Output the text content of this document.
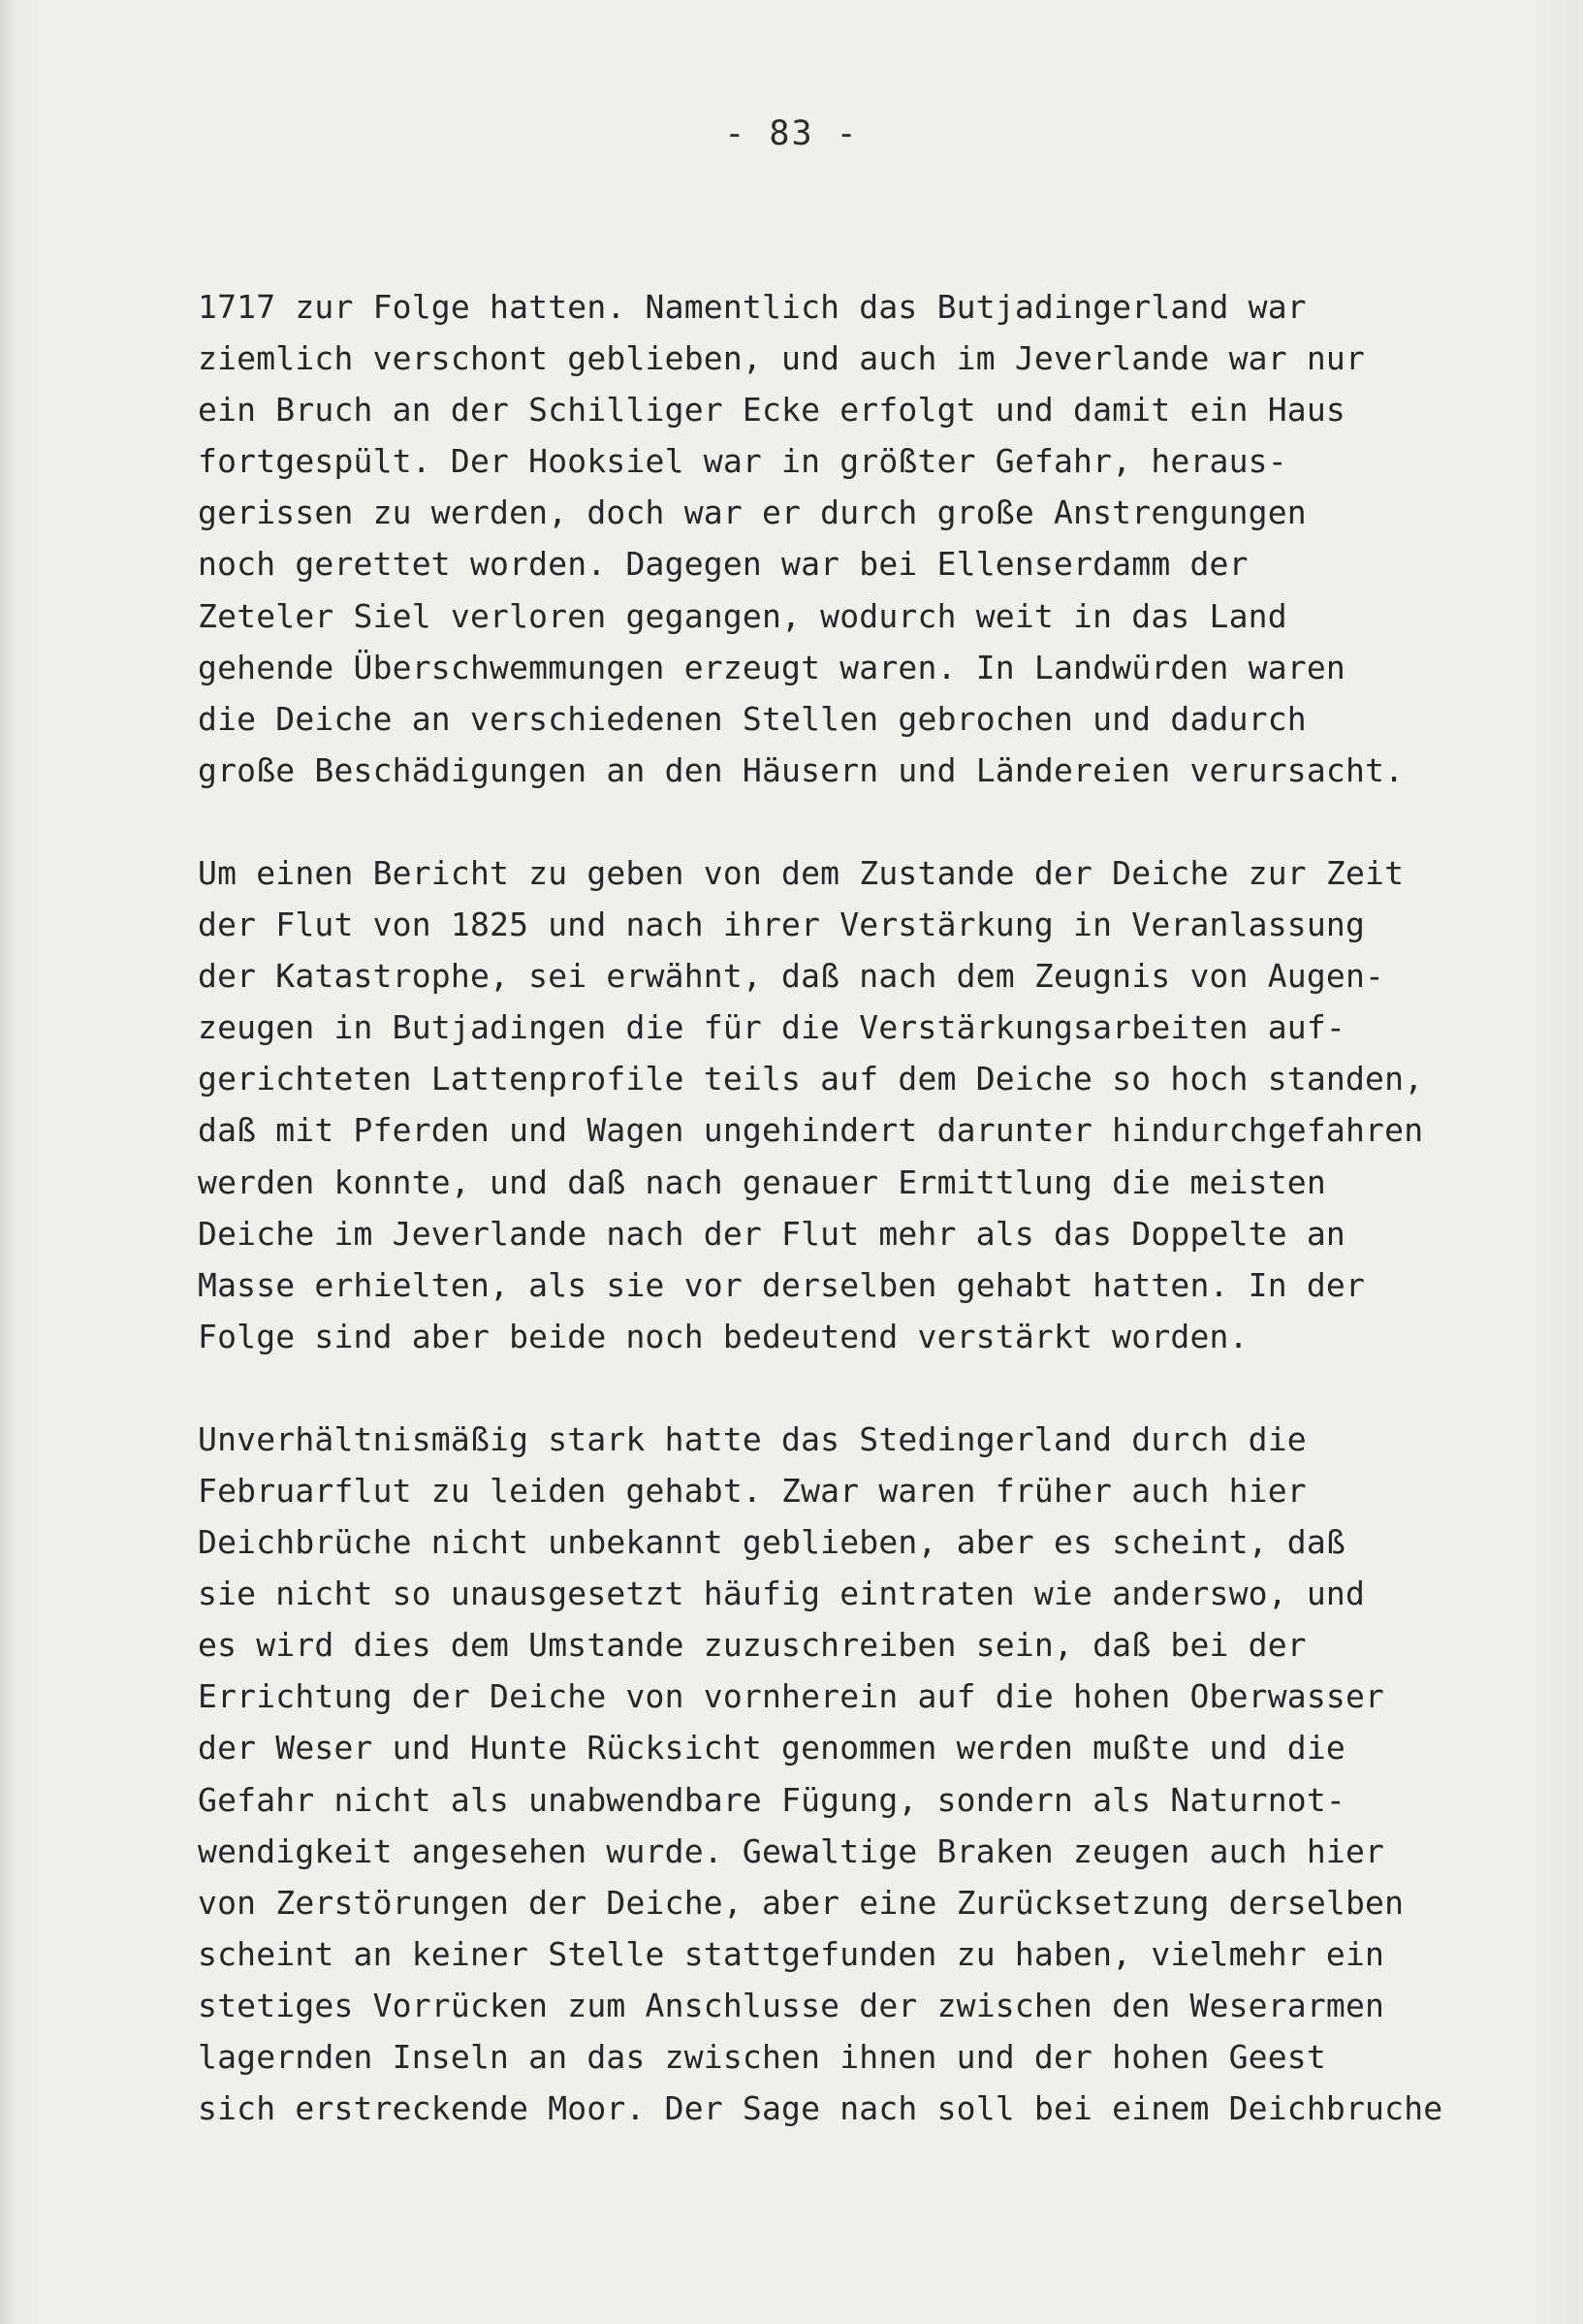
- 83 -
1717 zur Folge hatten. Namentlich das Butjadingerland war
ziemlich verschont geblieben, und auch im Jeverlande war nur
ein Bruch an der Schilliger Ecke erfolgt und damit ein Haus
fortgespült. Der Hooksiel war in größter Gefahr, heraus-
gerissen zu werden, doch war er durch große Anstrengungen
noch gerettet worden. Dagegen war bei Ellenserdamm der
Zeteler Siel verloren gegangen, wodurch weit in das Land
gehende Überschwemmungen erzeugt waren. In Landwürden waren
die Deiche an verschiedenen Stellen gebrochen und dadurch
große Beschädigungen an den Häusern und Ländereien verursacht.
Um einen Bericht zu geben von dem Zustande der Deiche zur Zeit
der Flut von 1825 und nach ihrer Verstärkung in Veranlassung
der Katastrophe, sei erwähnt, daß nach dem Zeugnis von Augen-
zeugen in Butjadingen die für die Verstärkungsarbeiten auf-
gerichteten Lattenprofile teils auf dem Deiche so hoch standen,
daß mit Pferden und Wagen ungehindert darunter hindurchgefahren
werden konnte, und daß nach genauer Ermittlung die meisten
Deiche im Jeverlande nach der Flut mehr als das Doppelte an
Masse erhielten, als sie vor derselben gehabt hatten. In der
Folge sind aber beide noch bedeutend verstärkt worden.
Unverhältnismäßig stark hatte das Stedingerland durch die
Februarflut zu leiden gehabt. Zwar waren früher auch hier
Deichbrüche nicht unbekannt geblieben, aber es scheint, daß
sie nicht so unausgesetzt häufig eintraten wie anderswo, und
es wird dies dem Umstande zuzuschreiben sein, daß bei der
Errichtung der Deiche von vornherein auf die hohen Oberwasser
der Weser und Hunte Rücksicht genommen werden mußte und die
Gefahr nicht als unabwendbare Fügung, sondern als Naturnot-
wendigkeit angesehen wurde. Gewaltige Braken zeugen auch hier
von Zerstörungen der Deiche, aber eine Zurücksetzung derselben
scheint an keiner Stelle stattgefunden zu haben, vielmehr ein
stetiges Vorrücken zum Anschlusse der zwischen den Weserarmen
lagernden Inseln an das zwischen ihnen und der hohen Geest
sich erstreckende Moor. Der Sage nach soll bei einem Deichbruche
